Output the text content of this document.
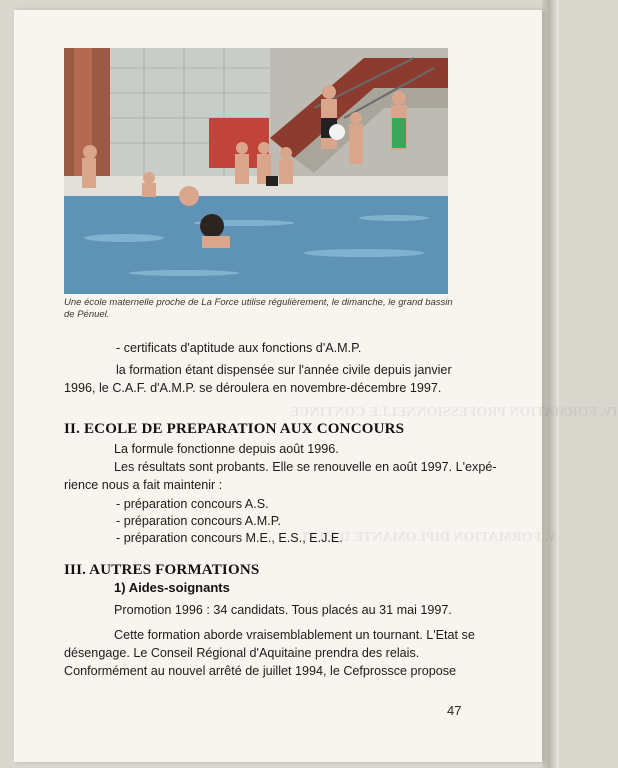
IV. FORMATION PROFESSIONNELLE CONTINUE
V. FORMATION DIPLOMANTE D'ETAT
Une école maternelle proche de La Force utilise régulièrement, le dimanche, le grand bassin de Pénuel.
- certificats d'aptitude aux fonctions d'A.M.P.
la formation étant dispensée sur l'année civile depuis janvier
1996, le C.A.F. d'A.M.P. se déroulera en novembre-décembre 1997.
II. ECOLE DE PREPARATION AUX CONCOURS
La formule fonctionne depuis août 1996.
Les résultats sont probants. Elle se renouvelle en août 1997. L'expé-
rience nous a fait maintenir :
- préparation concours A.S.
- préparation concours A.M.P.
- préparation concours M.E., E.S., E.J.E.
III. AUTRES FORMATIONS
1) Aides-soignants
Promotion 1996 : 34 candidats. Tous placés au 31 mai 1997.
Cette formation aborde vraisemblablement un tournant. L'Etat se
désengage. Le Conseil Régional d'Aquitaine prendra des relais.
Conformément au nouvel arrêté de juillet 1994, le Cefprossce propose
47
